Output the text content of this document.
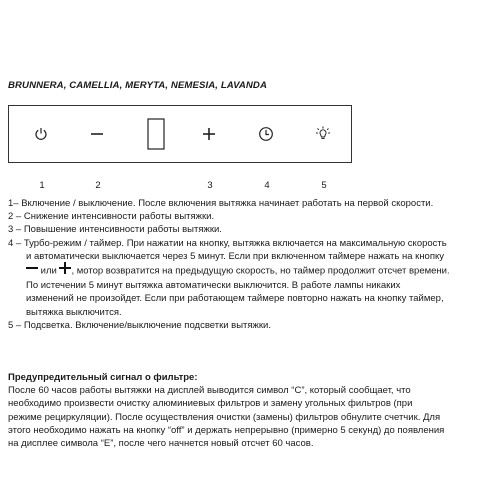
BRUNNERA, CAMELLIA, MERYTA, NEMESIA, LAVANDA
1	2	3	4	5

1– Включение / выключение. После включения вытяжка начинает работать на первой скорости.

2 – Снижение интенсивности работы вытяжки.

3 – Повышение интенсивности работы вытяжки.

4 – Турбо-режим / таймер. При нажатии на кнопку, вытяжка включается на максимальную скорость

и автоматически выключается через 5 минут. Если при включенном таймере нажать на кнопку

или , мотор возвратится на предыдущую скорость, но таймер продолжит отсчет времени.

По истечении 5 минут вытяжка автоматически выключится. В работе лампы никаких

изменений не произойдет. Если при работающем таймере повторно нажать на кнопку таймер,

вытяжка выключится.

5 – Подсветка. Включение/выключение подсветки вытяжки.

Предупредительный сигнал о фильтре:

После 60 часов работы вытяжки на дисплей выводится символ “С”, который сообщает, что

необходимо произвести очистку алюминиевых фильтров и замену угольных фильтров (при

режиме рециркуляции). После осуществления очистки (замены) фильтров обнулите счетчик. Для

этого необходимо нажать на кнопку “off” и держать непрерывно (примерно 5 секунд) до появления

на дисплее символа “Е”, после чего начнется новый отсчет 60 часов.
